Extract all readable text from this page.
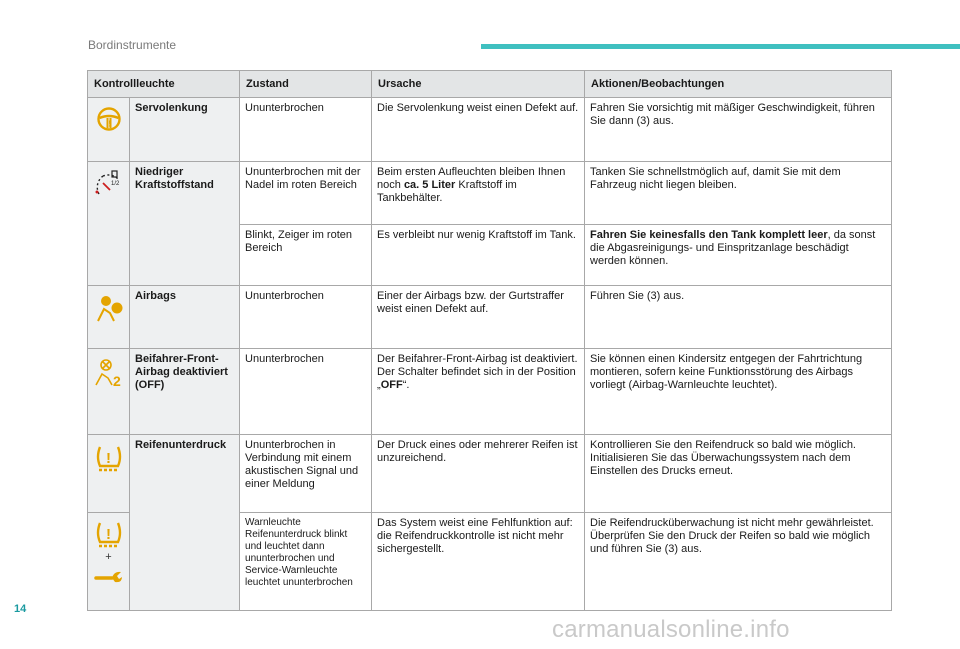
Bordinstrumente
Kontrollleuchte		Zustand	Ursache	Aktionen/Beobachtungen

!	Servolenkung	Ununterbrochen	Die Servolenkung weist einen Defekt auf.	Fahren Sie vorsichtig mit mäßiger Geschwindigkeit, führen Sie dann (3) aus.

1/2	Niedriger Kraftstoffstand	Ununterbrochen mit der Nadel im roten Bereich	Beim ersten Aufleuchten bleiben Ihnen noch ca. 5 Liter Kraftstoff im Tankbehälter.	Tanken Sie schnellstmöglich auf, damit Sie mit dem Fahrzeug nicht liegen bleiben.
		Blinkt, Zeiger im roten Bereich	Es verbleibt nur wenig Kraftstoff im Tank.	Fahren Sie keinesfalls den Tank komplett leer, da sonst die Abgasreinigungs- und Einspritzanlage beschädigt werden können.

	Airbags	Ununterbrochen	Einer der Airbags bzw. der Gurtstraffer weist einen Defekt auf.	Führen Sie (3) aus.

2	Beifahrer-Front-Airbag deaktiviert (OFF)	Ununterbrochen	Der Beifahrer-Front-Airbag ist deaktiviert.
Der Schalter befindet sich in der Position „OFF“.	Sie können einen Kindersitz entgegen der Fahrtrichtung montieren, sofern keine Funktionsstörung des Airbags vorliegt (Airbag-Warnleuchte leuchtet).

!	Reifenunterdruck	Ununterbrochen in Verbindung mit einem akustischen Signal und einer Meldung	Der Druck eines oder mehrerer Reifen ist unzureichend.	Kontrollieren Sie den Reifendruck so bald wie möglich. Initialisieren Sie das Überwachungssystem nach dem Einstellen des Drucks erneut.

!
+		Warnleuchte Reifenunterdruck blinkt und leuchtet dann ununterbrochen und Service-Warnleuchte leuchtet ununterbrochen	Das System weist eine Fehlfunktion auf: die Reifendruckkontrolle ist nicht mehr sichergestellt.	Die Reifendrucküberwachung ist nicht mehr gewährleistet.
Überprüfen Sie den Druck der Reifen so bald wie möglich und führen Sie (3) aus.
14
carmanualsonline.info
